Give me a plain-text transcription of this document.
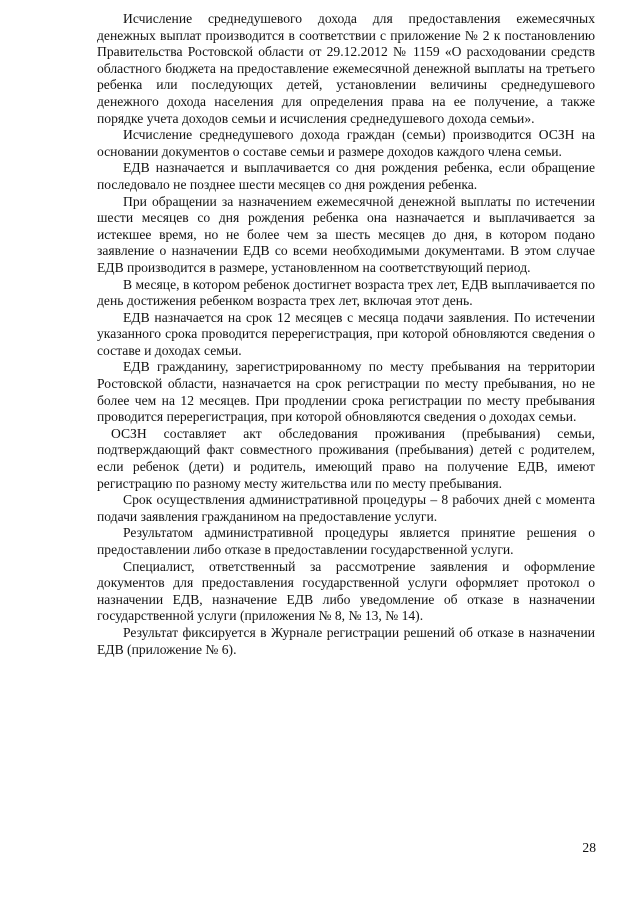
Исчисление среднедушевого дохода для предоставления ежемесячных денежных выплат производится в соответствии с приложение № 2 к постановлению Правительства Ростовской области от 29.12.2012 № 1159 «О расходовании средств областного бюджета на предоставление ежемесячной денежной выплаты на третьего ребенка или последующих детей, установлении величины среднедушевого денежного дохода населения для определения права на ее получение, а также порядке учета доходов семьи и исчисления среднедушевого дохода семьи».

Исчисление среднедушевого дохода граждан (семьи) производится ОСЗН на основании документов о составе семьи и размере доходов каждого члена семьи.

ЕДВ назначается и выплачивается со дня рождения ребенка, если обращение последовало не позднее шести месяцев со дня рождения ребенка.

При обращении за назначением ежемесячной денежной выплаты по истечении шести месяцев со дня рождения ребенка она назначается и выплачивается за истекшее время, но не более чем за шесть месяцев до дня, в котором подано заявление о назначении ЕДВ со всеми необходимыми документами. В этом случае ЕДВ производится в размере, установленном на соответствующий период.

В месяце, в котором ребенок достигнет возраста трех лет, ЕДВ выплачивается по день достижения ребенком возраста трех лет, включая этот день.

ЕДВ назначается на срок 12 месяцев с месяца подачи заявления. По истечении указанного срока проводится перерегистрация, при которой обновляются сведения о составе и доходах семьи.

ЕДВ гражданину, зарегистрированному по месту пребывания на территории Ростовской области, назначается на срок регистрации по месту пребывания, но не более чем на 12 месяцев. При продлении срока регистрации по месту пребывания проводится перерегистрация, при которой обновляются сведения о доходах семьи.

ОСЗН составляет акт обследования проживания (пребывания) семьи, подтверждающий факт совместного проживания (пребывания) детей с родителем, если ребенок (дети) и родитель, имеющий право на получение ЕДВ, имеют регистрацию по разному месту жительства или по месту пребывания.

Срок осуществления административной процедуры – 8 рабочих дней с момента подачи заявления гражданином на предоставление услуги.

Результатом административной процедуры является принятие решения о предоставлении либо отказе в предоставлении государственной услуги.

Специалист, ответственный за рассмотрение заявления и оформление документов для предоставления государственной услуги оформляет протокол о назначении ЕДВ, назначение ЕДВ либо уведомление об отказе в назначении государственной услуги (приложения № 8, № 13, № 14).

Результат фиксируется в Журнале регистрации решений об отказе в назначении ЕДВ (приложение № 6).

28
